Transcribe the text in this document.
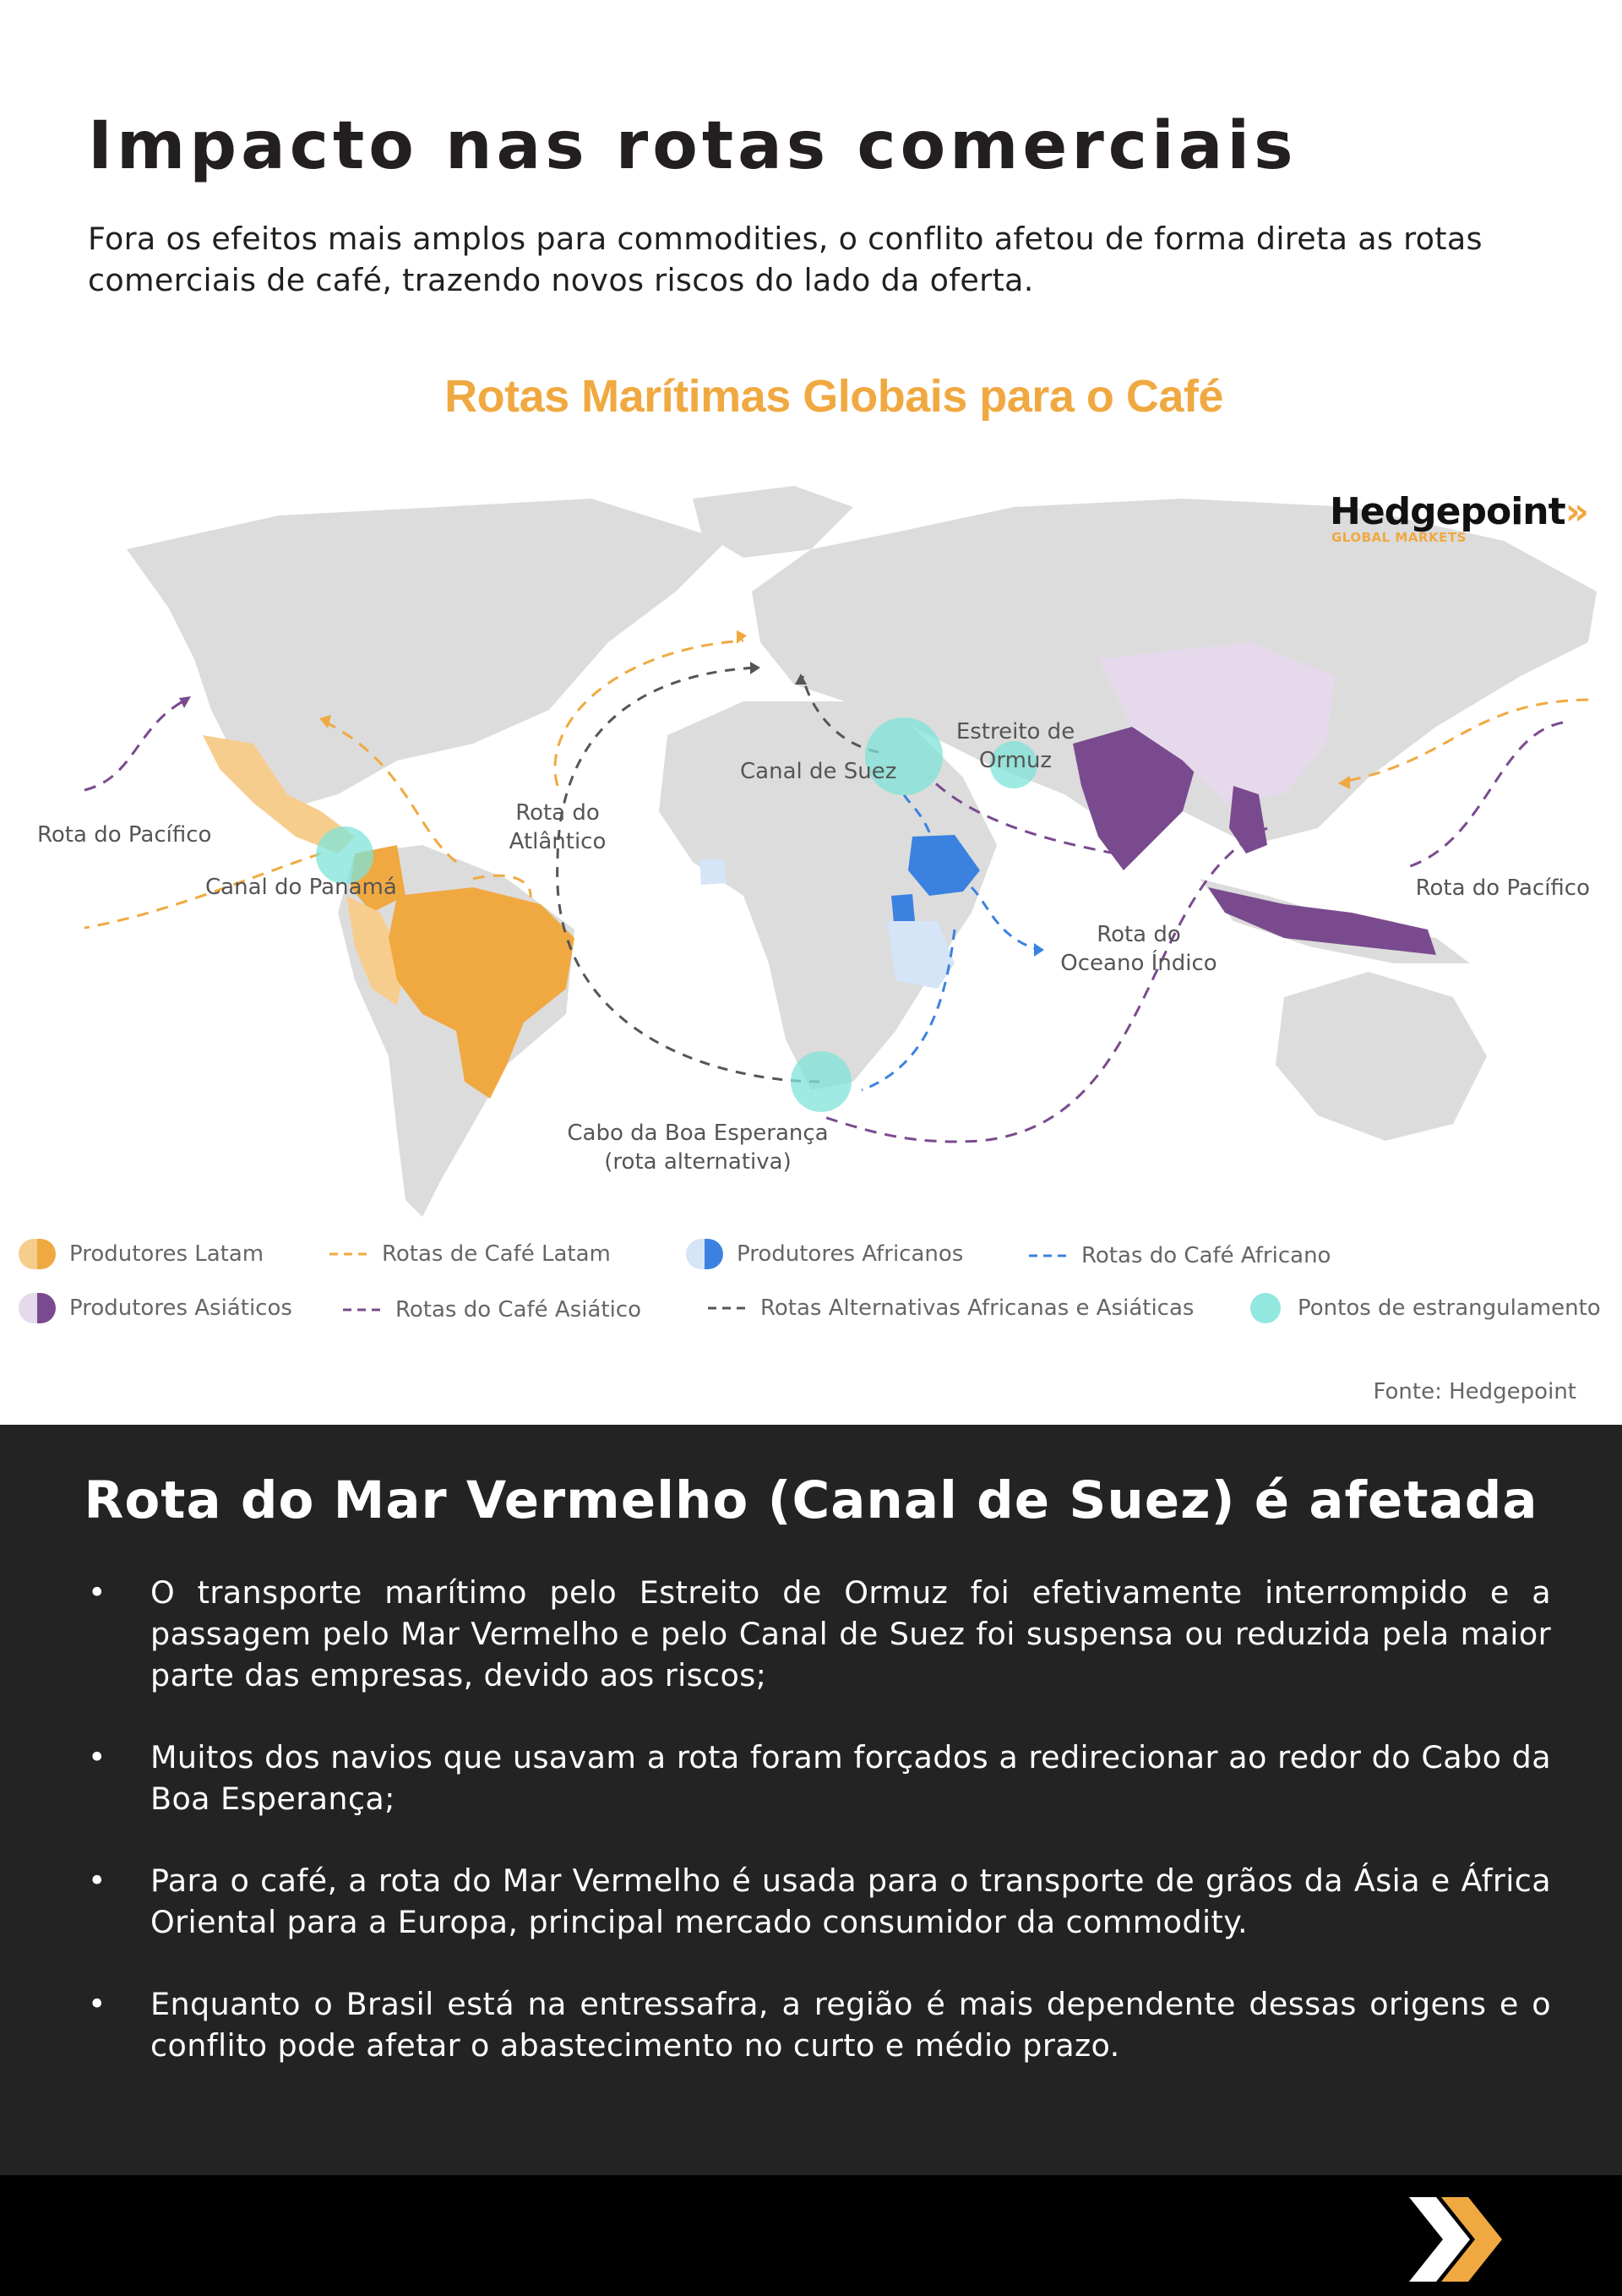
Impacto nas rotas comerciais

Fora os efeitos mais amplos para commodities, o conflito afetou de forma direta as rotas comerciais de café, trazendo novos riscos do lado da oferta.

Rotas Marítimas Globais para o Café
Rota do Pacífico
Canal do Panamá
Rota do
Atlântico
Canal de Suez
Estreito de
Ormuz
Rota do Pacífico
Rota do
Oceano Índico
Cabo da Boa Esperança
(rota alternativa)
Hedgepoint»
GLOBAL MARKETS
Produtores Latam	Rotas de Café Latam	Produtores Africanos	Rotas do Café Africano
Produtores Asiáticos	Rotas do Café Asiático	Rotas Alternativas Africanas e Asiáticas	Pontos de estrangulamento
Fonte: Hedgepoint
Rota do Mar Vermelho (Canal de Suez) é afetada
• O transporte marítimo pelo Estreito de Ormuz foi efetivamente interrompido e a passagem pelo Mar Vermelho e pelo Canal de Suez foi suspensa ou reduzida pela maior parte das empresas, devido aos riscos;
• Muitos dos navios que usavam a rota foram forçados a redirecionar ao redor do Cabo da Boa Esperança;
• Para o café, a rota do Mar Vermelho é usada para o transporte de grãos da Ásia e África Oriental para a Europa, principal mercado consumidor da commodity.
• Enquanto o Brasil está na entressafra, a região é mais dependente dessas origens e o conflito pode afetar o abastecimento no curto e médio prazo.
